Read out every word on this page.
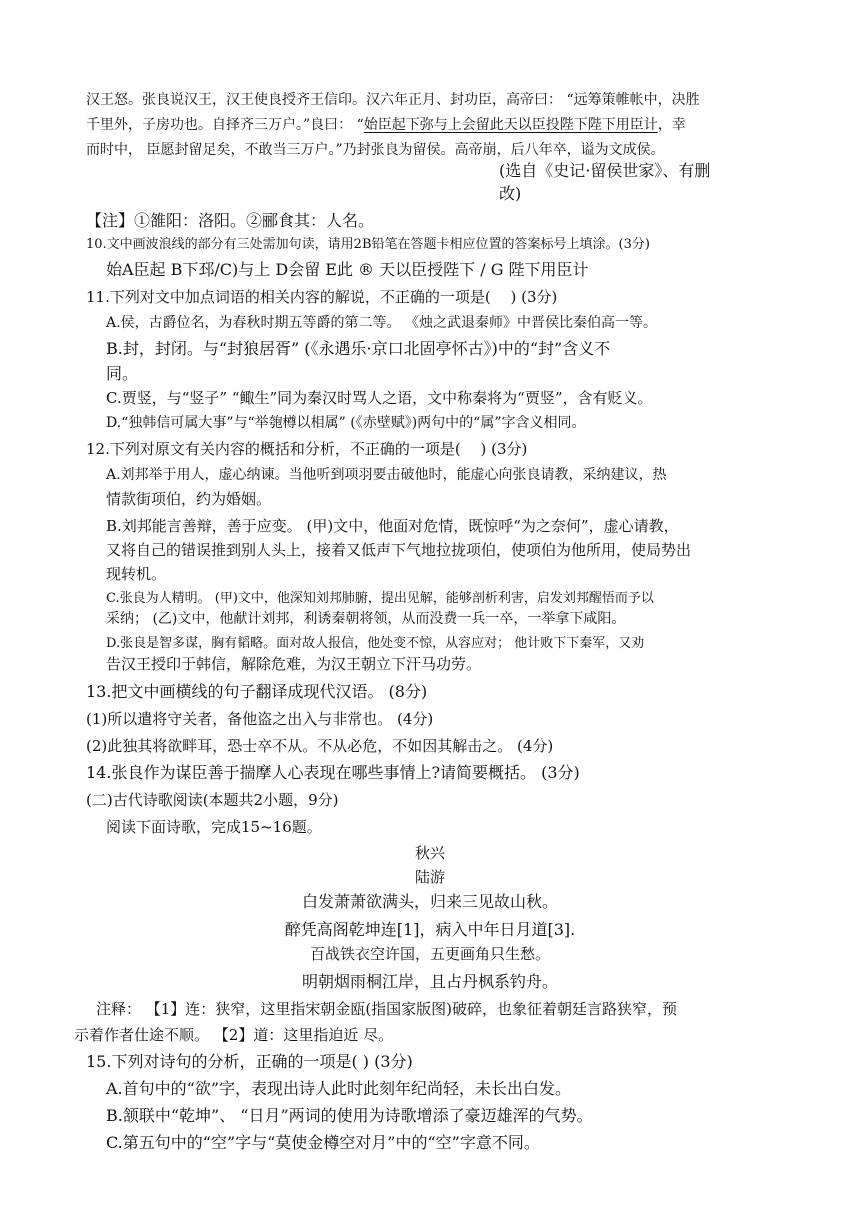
汉王怒。张良说汉王，汉王使良授齐王信印。汉六年正月、封功臣，高帝曰： “远筹策帷帐中，决胜
千里外，子房功也。自择齐三万户。”良曰： “始臣起下弥与上会留此天以臣投陛下陛下用臣计，幸
而时中， 臣愿封留足矣，不敢当三万户。”乃封张良为留侯。高帝崩，后八年卒，谥为文成侯。
(选自《史记·留侯世家》、有删
改)
【注】①雒阳：洛阳。②郦食其：人名。
10.文中画波浪线的部分有三处需加句读，请用2B铅笔在答题卡相应位置的答案标号上填涂。(3分)
始A臣起 B下邳/C)与上 D会留 E此 ® 天以臣授陛下 / G 陛下用臣计
11.下列对文中加点词语的相关内容的解说，不正确的一项是(　 ) (3分)
A.侯，古爵位名，为春秋时期五等爵的第二等。 《烛之武退秦师》中晋侯比秦伯高一等。
B.封，封闭。与“封狼居胥” (《永遇乐·京口北固亭怀古》)中的“封”含义不
同。
C.贾竖，与“竖子” “鲰生”同为秦汉时骂人之语，文中称秦将为“贾竖”，含有贬义。
D.“独韩信可属大事”与“举匏樽以相属” (《赤壁赋》)两句中的“属”字含义相同。
12.下列对原文有关内容的概括和分析，不正确的一项是(　 ) (3分)
A.刘邦举于用人，虚心纳谏。当他听到项羽要击破他时，能虚心向张良请教，采纳建议，热
情款街项伯，约为婚姻。
B.刘邦能言善辩，善于应变。 (甲)文中，他面对危情，既惊呼“为之奈何”，虚心请教，
又将自己的错误推到别人头上，接着又低声下气地拉拢项伯，使项伯为他所用，使局势出
现转机。
C.张良为人精明。 (甲)文中，他深知刘邦肺腑，提出见解，能够剖析利害，启发刘邦醒悟而予以
采纳； (乙)文中，他献计刘邦，利诱秦朝将领，从而没费一兵一卒，一举拿下咸阳。
D.张良是智多谋，胸有韬略。面对故人报信，他处变不惊，从容应对； 他计败下下秦军，又劝
告汉王授印于韩信，解除危难，为汉王朝立下汗马功劳。
13.把文中画横线的句子翻译成现代汉语。 (8分)
(1)所以遣将守关者，备他盗之出入与非常也。 (4分)
(2)此独其将欲畔耳，恐士卒不从。不从必危，不如因其解击之。 (4分)
14.张良作为谋臣善于揣摩人心表现在哪些事情上?请简要概括。 (3分)
(二)古代诗歌阅读(本题共2小题，9分)
阅读下面诗歌，完成15~16题。
秋兴
陆游
白发萧萧欲满头，归来三见故山秋。
醉凭高阁乾坤连[1]，病入中年日月道[3].
百战铁衣空许国，五更画角只生愁。
明朝烟雨桐江岸，且占丹枫系钓舟。
注释： 【1】连：狭窄，这里指宋朝金瓯(指国家版图)破碎，也象征着朝廷言路狭窄，预
示着作者仕途不顺。 【2】道：这里指迫近 尽。
15.下列对诗句的分析，正确的一项是( ) (3分)
A.首句中的“欲”字，表现出诗人此时此刻年纪尚轻，未长出白发。
B.颔联中“乾坤”、 “日月”两词的使用为诗歌增添了豪迈雄浑的气势。
C.第五句中的“空”字与“莫使金樽空对月”中的“空”字意不同。
